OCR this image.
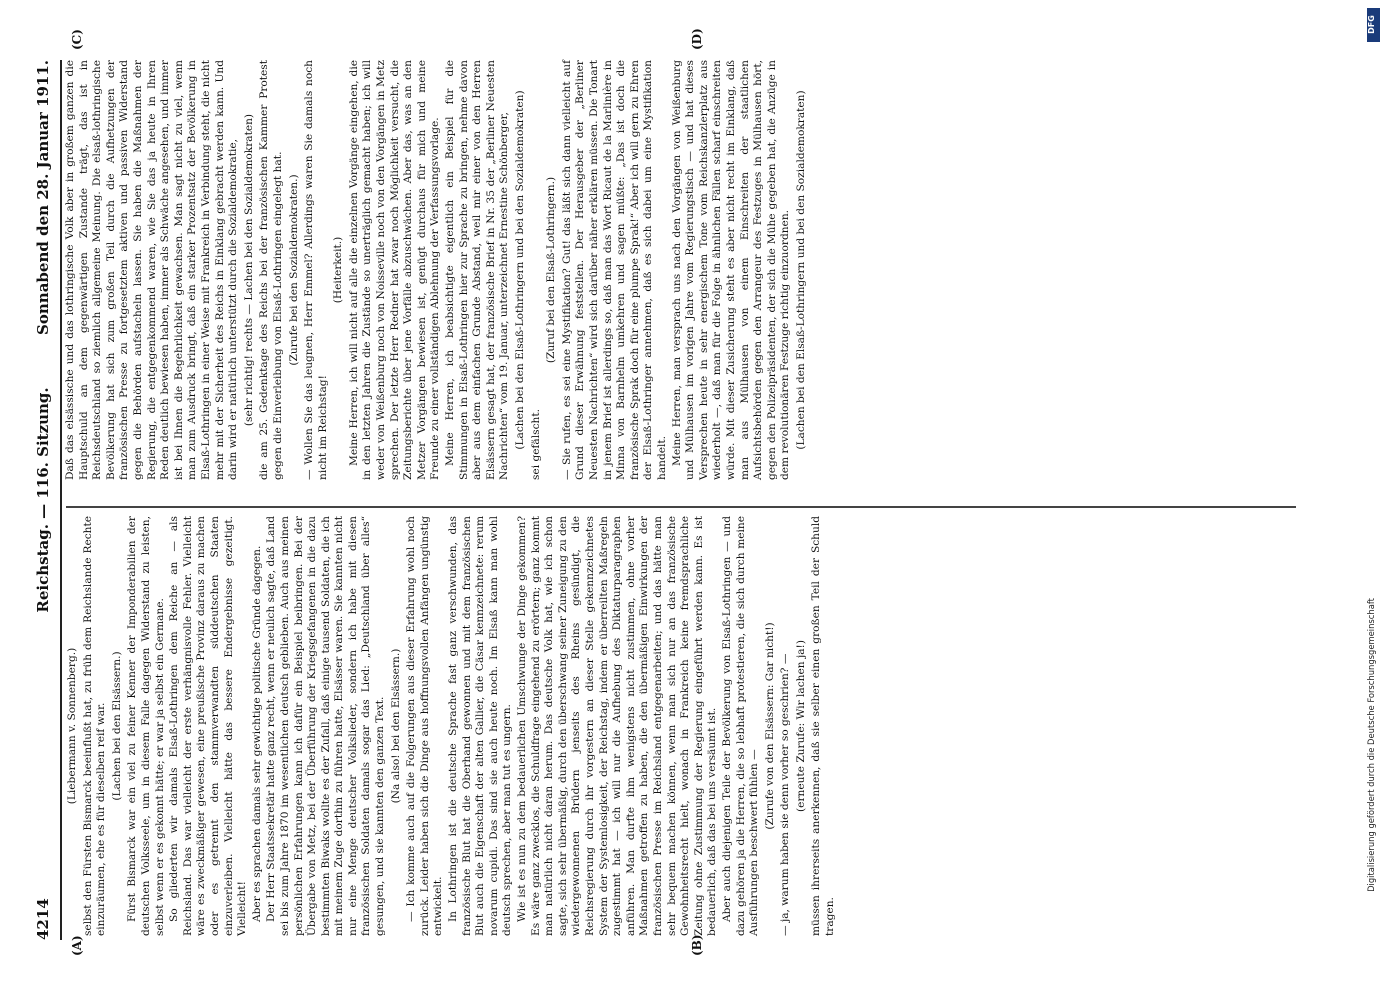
4214
Reichstag. — 116. Sitzung.
Sonnabend den 28. Januar 1911.
(A)	(B)
(C)	(D)

(Liebermann v. Sonnenberg.) selbst den Fürsten Bismarck beeinflußt hat, zu früh dem Reichslande Rechte einzuräumen, ehe es für dieselben reif war. (Lachen bei den Elsässern.) Fürst Bismarck war ein viel zu feiner Kenner der Imponderabilien der deutschen Volksseele, um in diesem Falle dagegen Widerstand zu leisten, selbst wenn er es gekonnt hätte; er war ja selbst ein Germane. So gliederten wir damals Elsaß-Lothringen dem Reiche an — als Reichsland. Das war vielleicht der erste verhängnisvolle Fehler. Vielleicht wäre es zweckmäßiger gewesen, eine preußische Provinz daraus zu machen oder es getrennt den stammverwandten süddeutschen Staaten einzuverleiben. Vielleicht hätte das bessere Endergebnisse gezeitigt. Vielleicht! Aber es sprachen damals sehr gewichtige politische Gründe dagegen. Der Herr Staatssekretär hatte ganz recht, wenn er neulich sagte, daß Land sei bis zum Jahre 1870 im wesentlichen deutsch geblieben. Auch aus meinen persönlichen Erfahrungen kann ich dafür ein Beispiel beibringen. Bei der Übergabe von Metz, bei der Überführung der Kriegsgefangenen in die dazu bestimmten Biwaks wollte es der Zufall, daß einige tausend Soldaten, die ich mit meinem Zuge dorthin zu führen hatte, Elsässer waren. Sie kannten nicht nur eine Menge deutscher Volkslieder, sondern ich habe mit diesen französischen Soldaten damals sogar das Lied: „Deutschland über alles“ gesungen, und sie kannten den ganzen Text. (Na also! bei den Elsässern.) — Ich komme auch auf die Folgerungen aus dieser Erfahrung wohl noch zurück. Leider haben sich die Dinge aus hoffnungsvollen Anfängen ungünstig entwickelt. In Lothringen ist die deutsche Sprache fast ganz verschwunden, das französische Blut hat die Oberhand gewonnen und mit dem französischen Blut auch die Eigenschaft der alten Gallier, die Cäsar kennzeichnete: rerum novarum cupidi. Das sind sie auch heute noch. Im Elsaß kann man wohl deutsch sprechen, aber man tut es ungern. Wie ist es nun zu dem bedauerlichen Umschwunge der Dinge gekommen? Es wäre ganz zwecklos, die Schuldfrage eingehend zu erörtern; ganz kommt man natürlich nicht daran herum. Das deutsche Volk hat, wie ich schon sagte, sich sehr übermäßig, durch den überschwang seiner Zuneigung zu den wiedergewonnenen Brüdern jenseits des Rheins gesündigt, die Reichsregierung durch ihr vorgestern an dieser Stelle gekennzeichnetes System der Systemlosigkeit, der Reichstag, indem er überreilten Maßregeln zugestimmt hat — ich will nur die Aufhebung des Diktaturparagraphen anführen. Man durfte ihm wenigstens nicht zustimmen, ohne vorher Maßnahmen getroffen zu haben, die den übermäßigen Einwirkungen der französischen Presse im Reichsland entgegenarbeiten; und das hätte man sehr bequem machen können, wenn man sich nur an das französische Gewohnheitsrecht hielt, wonach in Frankreich keine fremdsprachliche Zeitung ohne Zustimmung der Regierung eingeführt werden kann. Es ist bedauerlich, daß das bei uns versäumt ist. Aber auch diejenigen Teile der Bevölkerung von Elsaß-Lothringen — und dazu gehören ja die Herren, die so lebhaft protestieren, die sich durch meine Ausführungen beschwert fühlen —

(Zurufe von den Elsässern: Gar nicht!) — ja, warum haben sie denn vorher so geschrien? — (erneute Zurufe: Wir lachen ja!) müssen ihrerseits anerkennen, daß sie selber einen großen Teil der Schuld tragen.

Daß das elsässische und das lothringische Volk aber in großem ganzen die Hauptschuld an dem gegenwärtigen Zustande trägt, das ist in Reichsdeutschland so ziemlich allgemeine Meinung. Die elsaß-lothringische Bevölkerung hat sich zum großen Teil durch die Aufhetzungen der französischen Presse zu fortgesetztem aktiven und passiven Widerstand gegen die Behörden aufstacheln lassen. Sie haben die Maßnahmen der Regierung, die entgegenkommend waren, wie Sie das ja heute in Ihren Reden deutlich bewiesen haben, immer als Schwäche angesehen, und immer ist bei Ihnen die Begehrlichkeit gewachsen. Man sagt nicht zu viel, wenn man zum Ausdruck bringt, daß ein starker Prozentsatz der Bevölkerung in Elsaß-Lothringen in einer Weise mit Frankreich in Verbindung steht, die nicht mehr mit der Sicherheit des Reichs in Einklang gebracht werden kann. Und darin wird er natürlich unterstützt durch die Sozialdemokratie, (sehr richtig! rechts — Lachen bei den Sozialdemokraten) die am 25. Gedenktage des Reichs bei der französischen Kammer Protest gegen die Einverleibung von Elsaß-Lothringen eingelegt hat. (Zurufe bei den Sozialdemokraten.) — Wollen Sie das leugnen, Herr Emmel? Allerdings waren Sie damals noch nicht im Reichstag!

(Heiterkeit.) Meine Herren, ich will nicht auf alle die einzelnen Vorgänge eingehen, die in den letzten Jahren die Zustände so unerträglich gemacht haben; ich will weder von Weißenburg noch von Noisseville noch von den Vorgängen in Metz sprechen. Der letzte Herr Redner hat zwar noch Möglichkeit versucht, die Zeitungsberichte über jene Vorfälle abzuschwächen. Aber das, was an den Metzer Vorgängen bewiesen ist, genügt durchaus für mich und meine Freunde zu einer vollständigen Ablehnung der Verfassungsvorlage. Meine Herren, ich beabsichtigte eigentlich ein Beispiel für die Stimmungen in Elsaß-Lothringen hier zur Sprache zu bringen, nehme davon aber aus dem einfachen Grunde Abstand, weil mir einer von den Herren Elsässern gesagt hat, der französische Brief in Nr. 35 der „Berliner Neuesten Nachrichten“ vom 19. Januar, unterzeichnet Ernestine Schönberger, (Lachen bei den Elsaß-Lothringern und bei den Sozialdemokraten) sei gefälscht.

(Zuruf bei den Elsaß-Lothringern.) — Sie rufen, es sei eine Mystifikation? Gut! das läßt sich dann vielleicht auf Grund dieser Erwähnung feststellen. Der Herausgeber der „Berliner Neuesten Nachrichten“ wird sich darüber näher erklären müssen. Die Tonart in jenem Brief ist allerdings so, daß man das Wort Ricaut de la Marlinière in Minna von Barnhelm umkehren und sagen müßte: „Das ist doch die französische Sprak doch für eine plumpe Sprak!“ Aber ich will gern zu Ehren der Elsaß-Lothringer annehmen, daß es sich dabei um eine Mystifikation handelt. Meine Herren, man versprach uns nach den Vorgängen von Weißenburg und Mülhausen im vorigen Jahre vom Regierungstisch — und hat dieses Versprechen heute in sehr energischem Tone vom Reichskanzlerplatz aus wiederholt —, daß man für die Folge in ähnlichen Fällen scharf einschreiten würde. Mit dieser Zusicherung steht es aber nicht recht im Einklang, daß man aus Mülhausen von einem Einschreiten der staatlichen Aufsichtsbehörden gegen den Arrangeur des Festzuges in Mülhausen hört, gegen den Polizeipräsidenten, der sich die Mühe gegeben hat, die Anzüge in dem revolutionären Festzuge richtig einzuordnen. (Lachen bei den Elsaß-Lothringern und bei den Sozialdemokraten)

DFG
Digitalisierung gefördert durch die Deutsche Forschungsgemeinschaft
